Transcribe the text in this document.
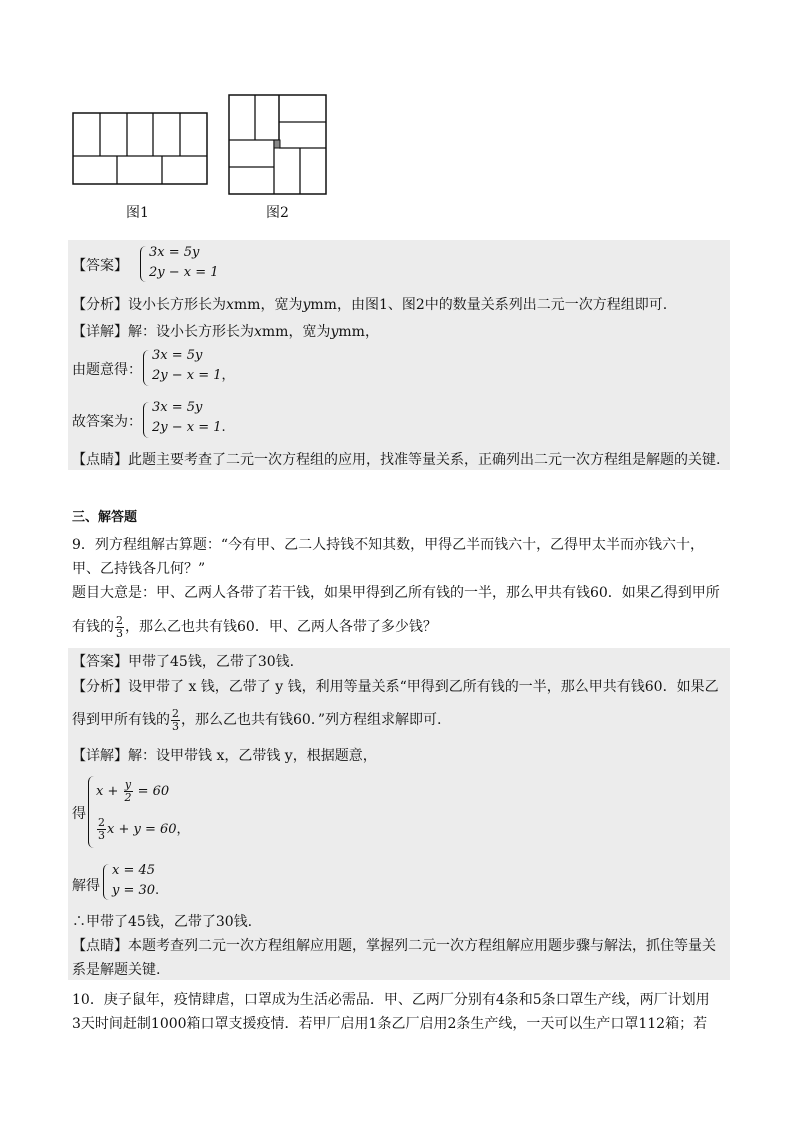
图1	图2
【答案】
3x = 5y
2y − x = 1
【分析】设小长方形长为xmm，宽为ymm，由图1、图2中的数量关系列出二元一次方程组即可.
【详解】解：设小长方形长为xmm，宽为ymm，
由题意得：
3x = 5y
2y − x = 1，
故答案为：
3x = 5y
2y − x = 1.
【点睛】此题主要考查了二元一次方程组的应用，找准等量关系，正确列出二元一次方程组是解题的关键.
三、解答题
9．列方程组解古算题：“今有甲、乙二人持钱不知其数，甲得乙半而钱六十，乙得甲太半而亦钱六十，
甲、乙持钱各几何？”
题目大意是：甲、乙两人各带了若干钱，如果甲得到乙所有钱的一半，那么甲共有钱60．如果乙得到甲所
有钱的 $\frac{2}{3}$ ，那么乙也共有钱60．甲、乙两人各带了多少钱？
【答案】甲带了45钱，乙带了30钱.
【分析】设甲带了 x 钱，乙带了 y 钱，利用等量关系“甲得到乙所有钱的一半，那么甲共有钱60．如果乙
得到甲所有钱的 $\frac{2}{3}$ ，那么乙也共有钱60．”列方程组求解即可.
【详解】解：设甲带钱 x，乙带钱 y，根据题意，
得
$x + \frac{y}{2} = 60$
$\frac{2}{3}$ x + y = 60，
解得
x = 45
y = 30.
∴甲带了45钱，乙带了30钱.
【点睛】本题考查列二元一次方程组解应用题，掌握列二元一次方程组解应用题步骤与解法，抓住等量关
系是解题关键.
10．庚子鼠年，疫情肆虐，口罩成为生活必需品．甲、乙两厂分别有4条和5条口罩生产线，两厂计划用
3天时间赶制1000箱口罩支援疫情．若甲厂启用1条乙厂启用2条生产线，一天可以生产口罩112箱；若
